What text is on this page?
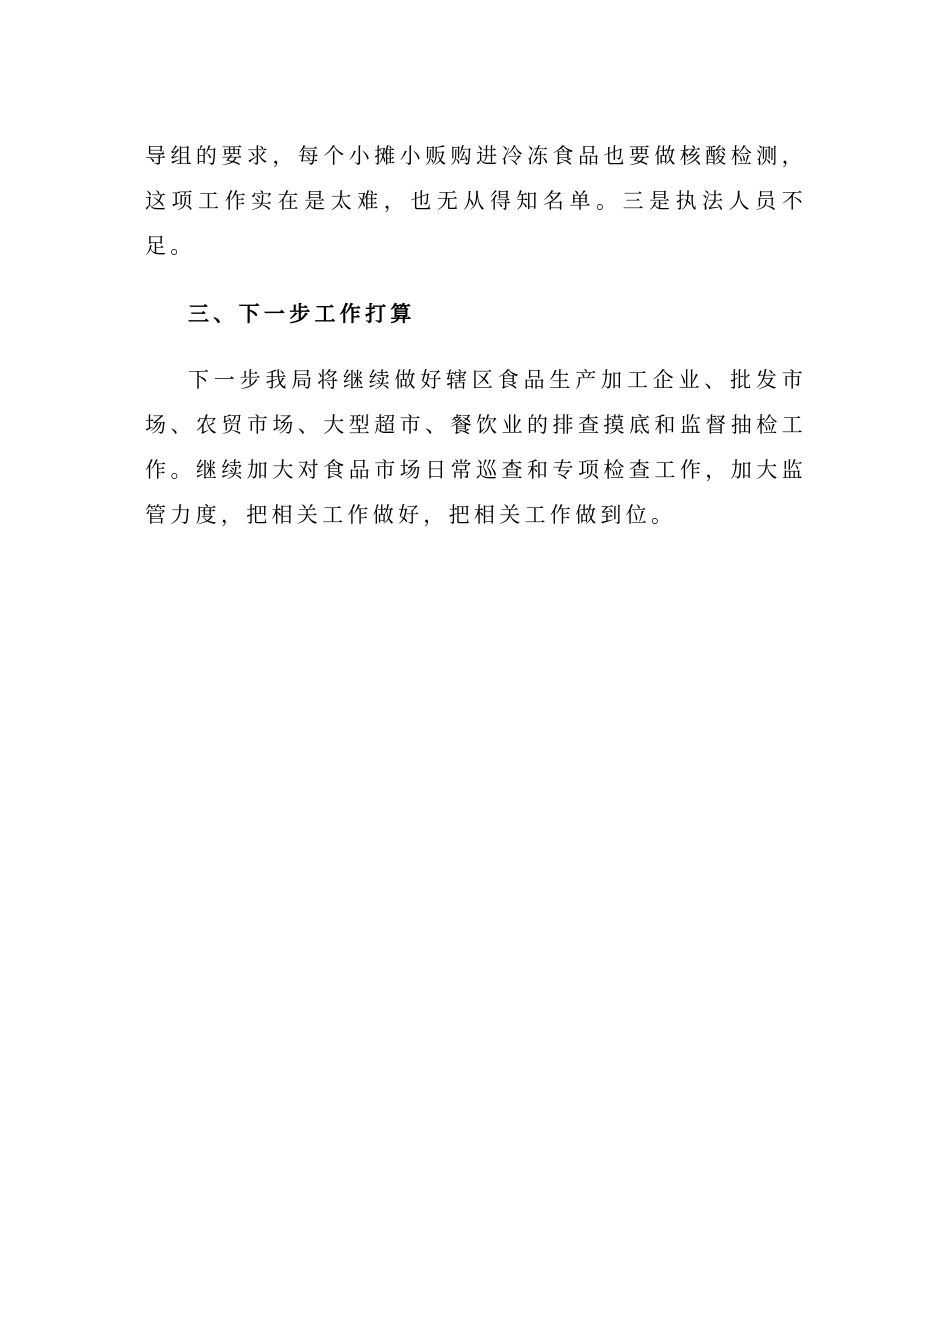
导组的要求，每个小摊小贩购进冷冻食品也要做核酸检测，这项工作实在是太难，也无从得知名单。三是执法人员不足。

三、下一步工作打算

下一步我局将继续做好辖区食品生产加工企业、批发市场、农贸市场、大型超市、餐饮业的排查摸底和监督抽检工作。继续加大对食品市场日常巡查和专项检查工作，加大监管力度，把相关工作做好，把相关工作做到位。
